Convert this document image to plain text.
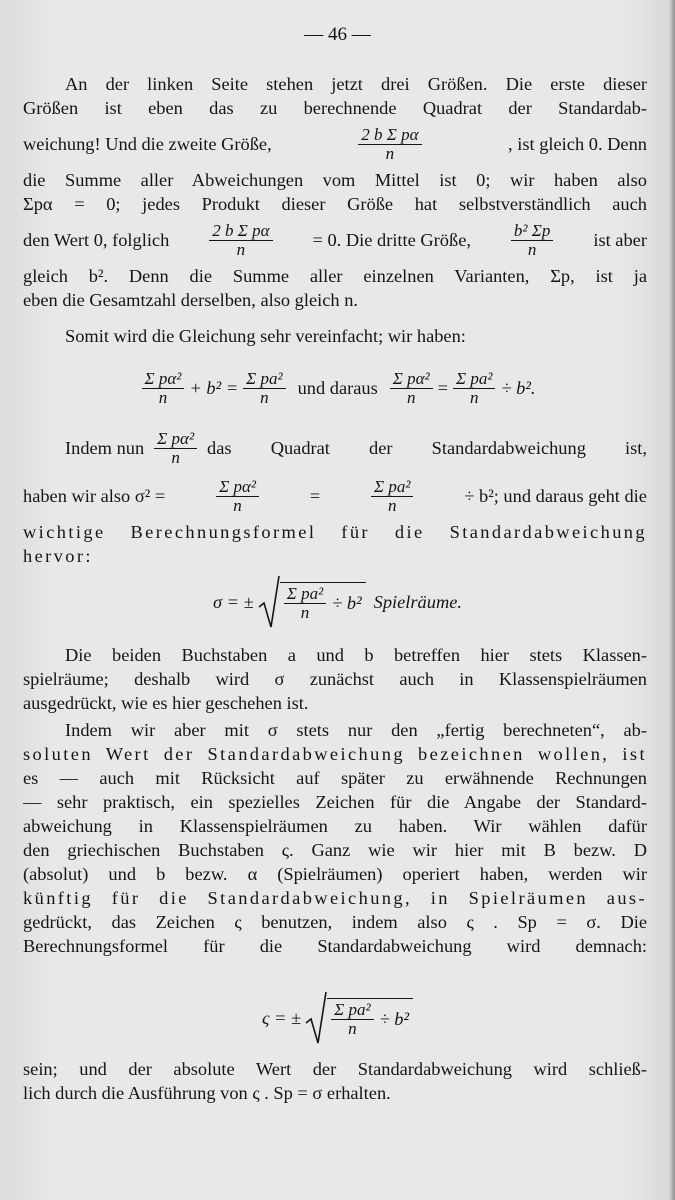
— 46 —
An der linken Seite stehen jetzt drei Größen. Die erste dieser
Größen ist eben das zu berechnende Quadrat der Standardab-
weichung! Und die zweite Größe,	$\frac{\text{2 b Σ pα}}{n}$	, ist gleich 0. Denn
die Summe aller Abweichungen vom Mittel ist 0; wir haben also
Σpα = 0; jedes Produkt dieser Größe hat selbstverständlich auch
den Wert 0, folglich $\frac{\text{2 b Σ pα}}{n} = 0$. Die dritte Größe, $\frac{\text{b² Σp}}{n}$ ist aber
gleich b². Denn die Summe aller einzelnen Varianten, Σp, ist ja
eben die Gesamtzahl derselben, also gleich n.
Somit wird die Gleichung sehr vereinfacht; wir haben:
$\frac{\text{Σ pα²}}{n} + b^2 = \frac{\text{Σ pa²}}{n}$ und daraus $\frac{\text{Σ pα²}}{n} = \frac{\text{Σ pa²}}{n} \div b^2$.
Indem nun $\frac{\text{Σ pα²}}{n}$ das Quadrat der Standardabweichung ist,
haben wir also σ² =	$\frac{\text{Σ pα²}}{n}$	=	$\frac{\text{Σ pa²}}{n}$	÷ b²; und daraus geht die
wichtige Berechnungsformel für die Standardabweichung
hervor:
σ = ± $\frac{\text{Σ pa²}}{n} \div b^2$ Spielräume.
Die beiden Buchstaben a und b betreffen hier stets Klassen-
spielräume; deshalb wird σ zunächst auch in Klassenspielräumen
ausgedrückt, wie es hier geschehen ist.
Indem wir aber mit σ stets nur den „fertig berechneten“, ab-
soluten Wert der Standardabweichung bezeichnen wollen, ist
es — auch mit Rücksicht auf später zu erwähnende Rechnungen
— sehr praktisch, ein spezielles Zeichen für die Angabe der Standard-
abweichung in Klassenspielräumen zu haben. Wir wählen dafür
den griechischen Buchstaben ς. Ganz wie wir hier mit B bezw. D
(absolut) und b bezw. α (Spielräumen) operiert haben, werden wir
künftig für die Standardabweichung, in Spielräumen aus-
gedrückt, das Zeichen ς benutzen, indem also ς . Sp = σ. Die
Berechnungsformel für die Standardabweichung wird demnach:
ς = ± $\frac{\text{Σ pa²}}{n} \div b^2$
sein; und der absolute Wert der Standardabweichung wird schließ-
lich durch die Ausführung von ς . Sp = σ erhalten.
